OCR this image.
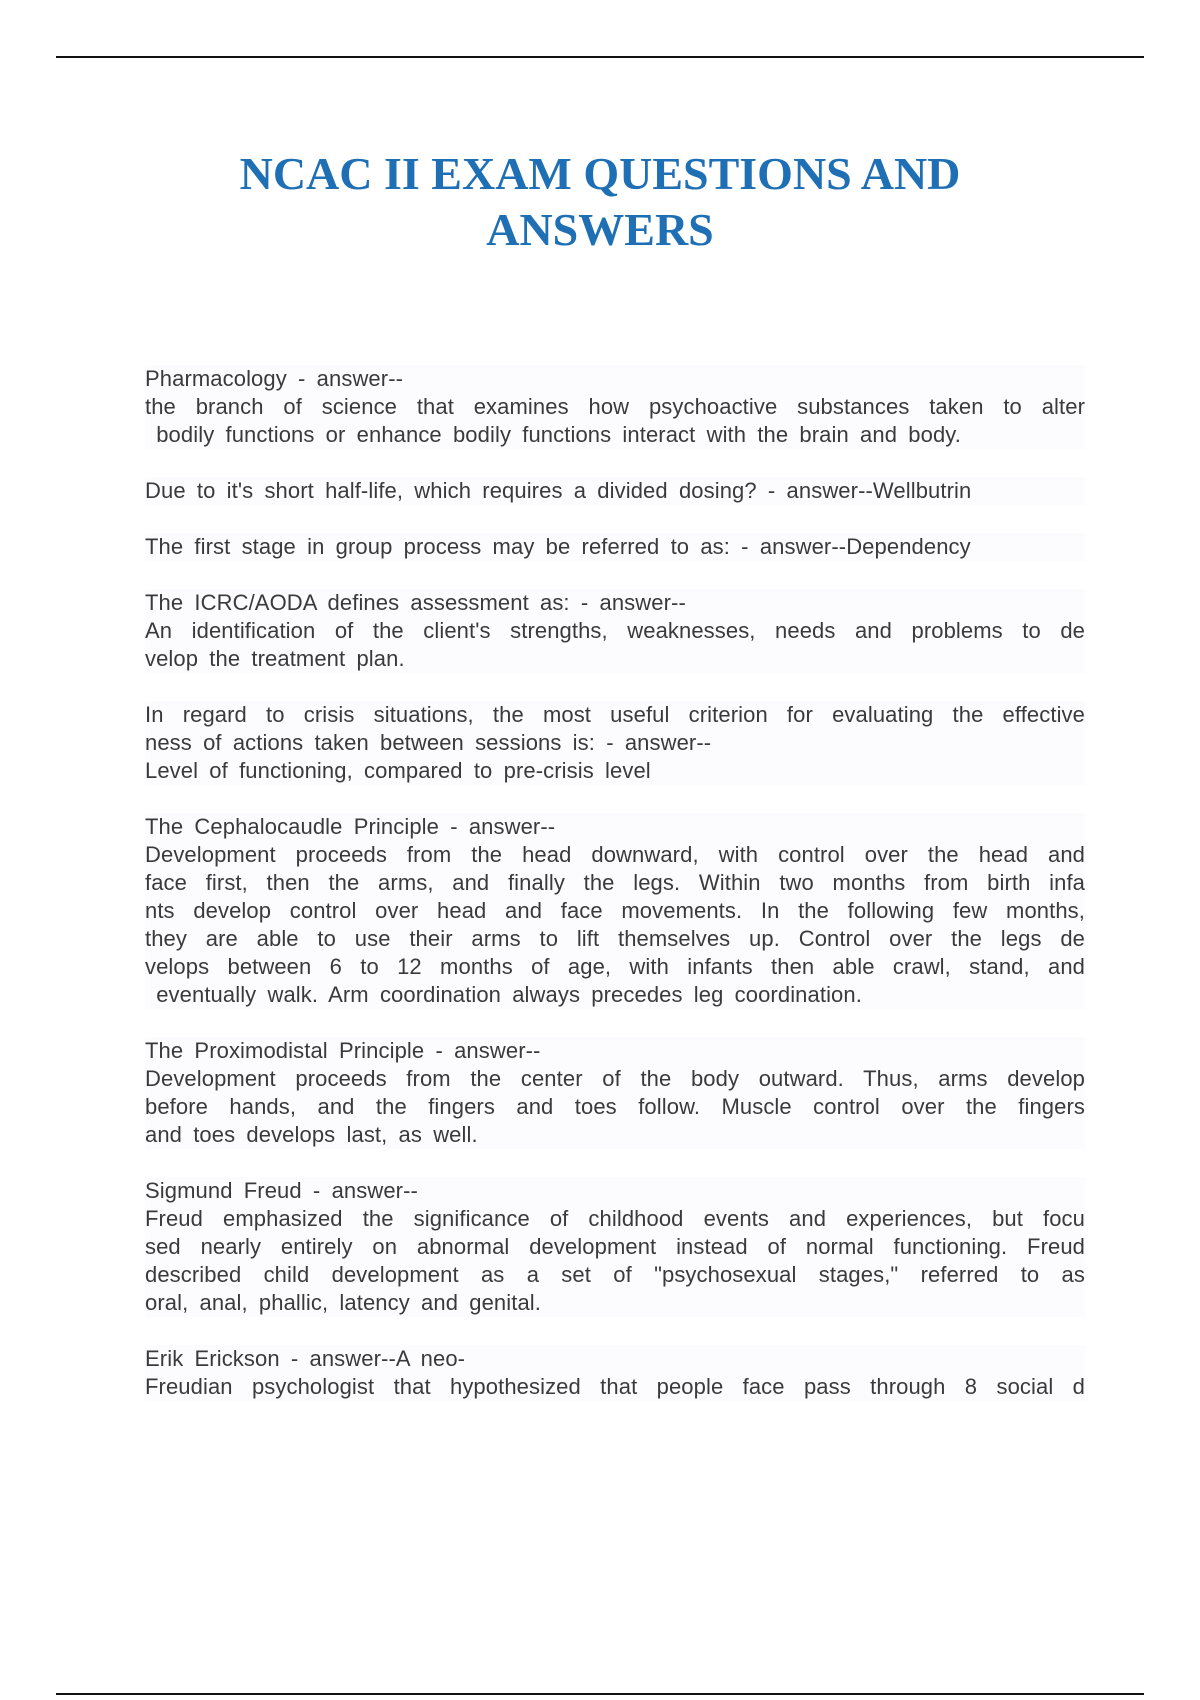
NCAC II EXAM QUESTIONS AND
ANSWERS
Pharmacology - answer--
the branch of science that examines how psychoactive substances taken to alter
bodily functions or enhance bodily functions interact with the brain and body.
Due to it's short half-life, which requires a divided dosing? - answer--Wellbutrin
The first stage in group process may be referred to as: - answer--Dependency
The ICRC/AODA defines assessment as: - answer--
An identification of the client's strengths, weaknesses, needs and problems to de
velop the treatment plan.
In regard to crisis situations, the most useful criterion for evaluating the effective
ness of actions taken between sessions is: - answer--
Level of functioning, compared to pre-crisis level
The Cephalocaudle Principle - answer--
Development proceeds from the head downward, with control over the head and
face first, then the arms, and finally the legs. Within two months from birth infa
nts develop control over head and face movements. In the following few months,
they are able to use their arms to lift themselves up. Control over the legs de
velops between 6 to 12 months of age, with infants then able crawl, stand, and
eventually walk. Arm coordination always precedes leg coordination.
The Proximodistal Principle - answer--
Development proceeds from the center of the body outward. Thus, arms develop
before hands, and the fingers and toes follow. Muscle control over the fingers
and toes develops last, as well.
Sigmund Freud - answer--
Freud emphasized the significance of childhood events and experiences, but focu
sed nearly entirely on abnormal development instead of normal functioning. Freud
described child development as a set of "psychosexual stages," referred to as
oral, anal, phallic, latency and genital.
Erik Erickson - answer--A neo-
Freudian psychologist that hypothesized that people face pass through 8 social d
